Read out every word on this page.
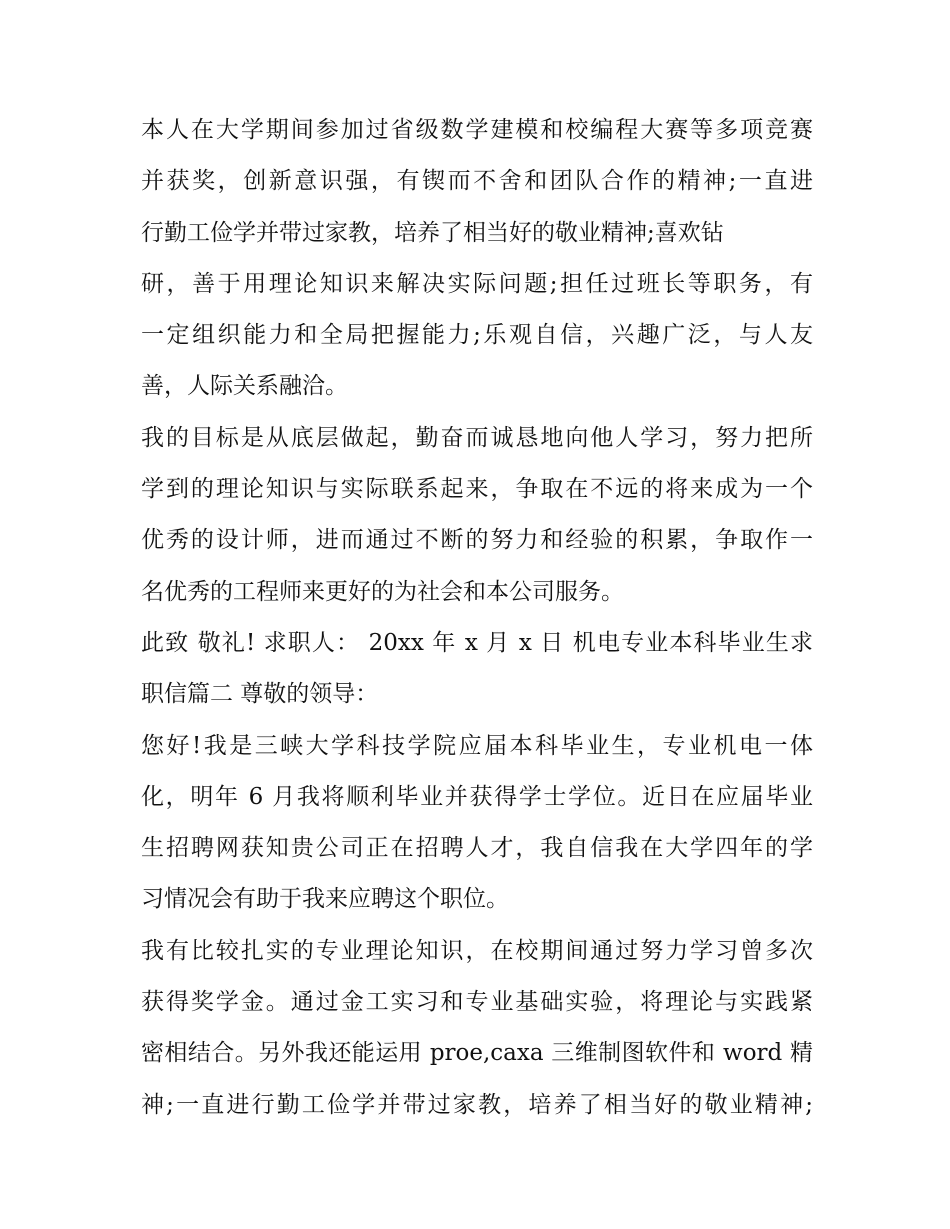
本人在大学期间参加过省级数学建模和校编程大赛等多项竞赛
并获奖，创新意识强，有锲而不舍和团队合作的精神;一直进
行勤工俭学并带过家教，培养了相当好的敬业精神;喜欢钻
研，善于用理论知识来解决实际问题;担任过班长等职务，有
一定组织能力和全局把握能力;乐观自信，兴趣广泛，与人友
善，人际关系融洽。
我的目标是从底层做起，勤奋而诚恳地向他人学习，努力把所
学到的理论知识与实际联系起来，争取在不远的将来成为一个
优秀的设计师，进而通过不断的努力和经验的积累，争取作一
名优秀的工程师来更好的为社会和本公司服务。
此致 敬礼! 求职人： 20xx 年 x 月 x 日 机电专业本科毕业生求
职信篇二 尊敬的领导：
您好!我是三峡大学科技学院应届本科毕业生，专业机电一体
化，明年 6 月我将顺利毕业并获得学士学位。近日在应届毕业
生招聘网获知贵公司正在招聘人才，我自信我在大学四年的学
习情况会有助于我来应聘这个职位。
我有比较扎实的专业理论知识，在校期间通过努力学习曾多次
获得奖学金。通过金工实习和专业基础实验，将理论与实践紧
密相结合。另外我还能运用 proe,caxa 三维制图软件和 word 精
神;一直进行勤工俭学并带过家教，培养了相当好的敬业精神;
